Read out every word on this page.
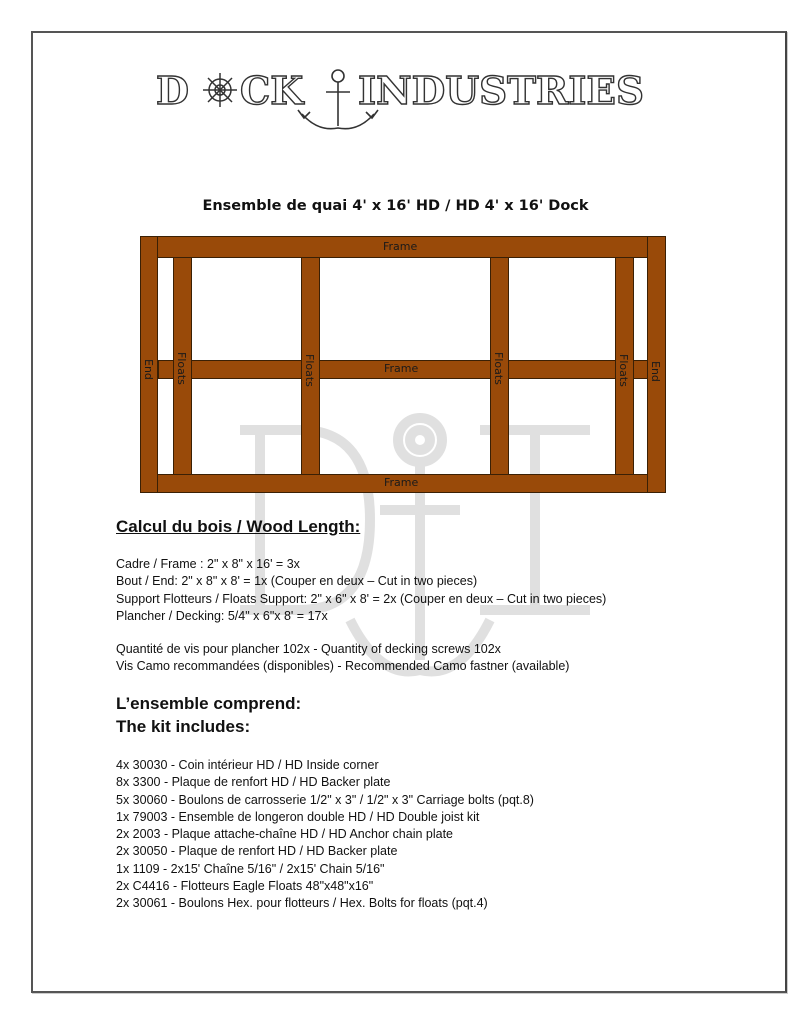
D CK INDUSTRIES
Ensemble de quai 4' x 16' HD / HD 4' x 16' Dock
Frame
Frame
Frame
End	End
Floats	Floats	Floats	Floats
Calcul du bois / Wood Length:
Cadre / Frame : 2" x 8" x 16' = 3x
Bout / End: 2" x 8" x 8' = 1x (Couper en deux – Cut in two pieces)
Support Flotteurs / Floats Support: 2" x 6" x 8' = 2x (Couper en deux – Cut in two pieces)
Plancher / Decking: 5/4" x 6"x 8' = 17x
Quantité de vis pour plancher 102x - Quantity of decking screws 102x
Vis Camo recommandées (disponibles) - Recommended Camo fastner (available)
L’ensemble comprend:
The kit includes:
4x 30030 - Coin intérieur HD / HD Inside corner
8x 3300 - Plaque de renfort HD / HD Backer plate
5x 30060 - Boulons de carrosserie 1/2" x 3" / 1/2" x 3" Carriage bolts (pqt.8)
1x 79003 - Ensemble de longeron double HD / HD Double joist kit
2x 2003 - Plaque attache-chaîne HD / HD Anchor chain plate
2x 30050 - Plaque de renfort HD / HD Backer plate
1x 1109 - 2x15' Chaîne 5/16" / 2x15' Chain 5/16"
2x C4416 - Flotteurs Eagle Floats 48"x48"x16"
2x 30061 - Boulons Hex. pour flotteurs / Hex. Bolts for floats (pqt.4)
